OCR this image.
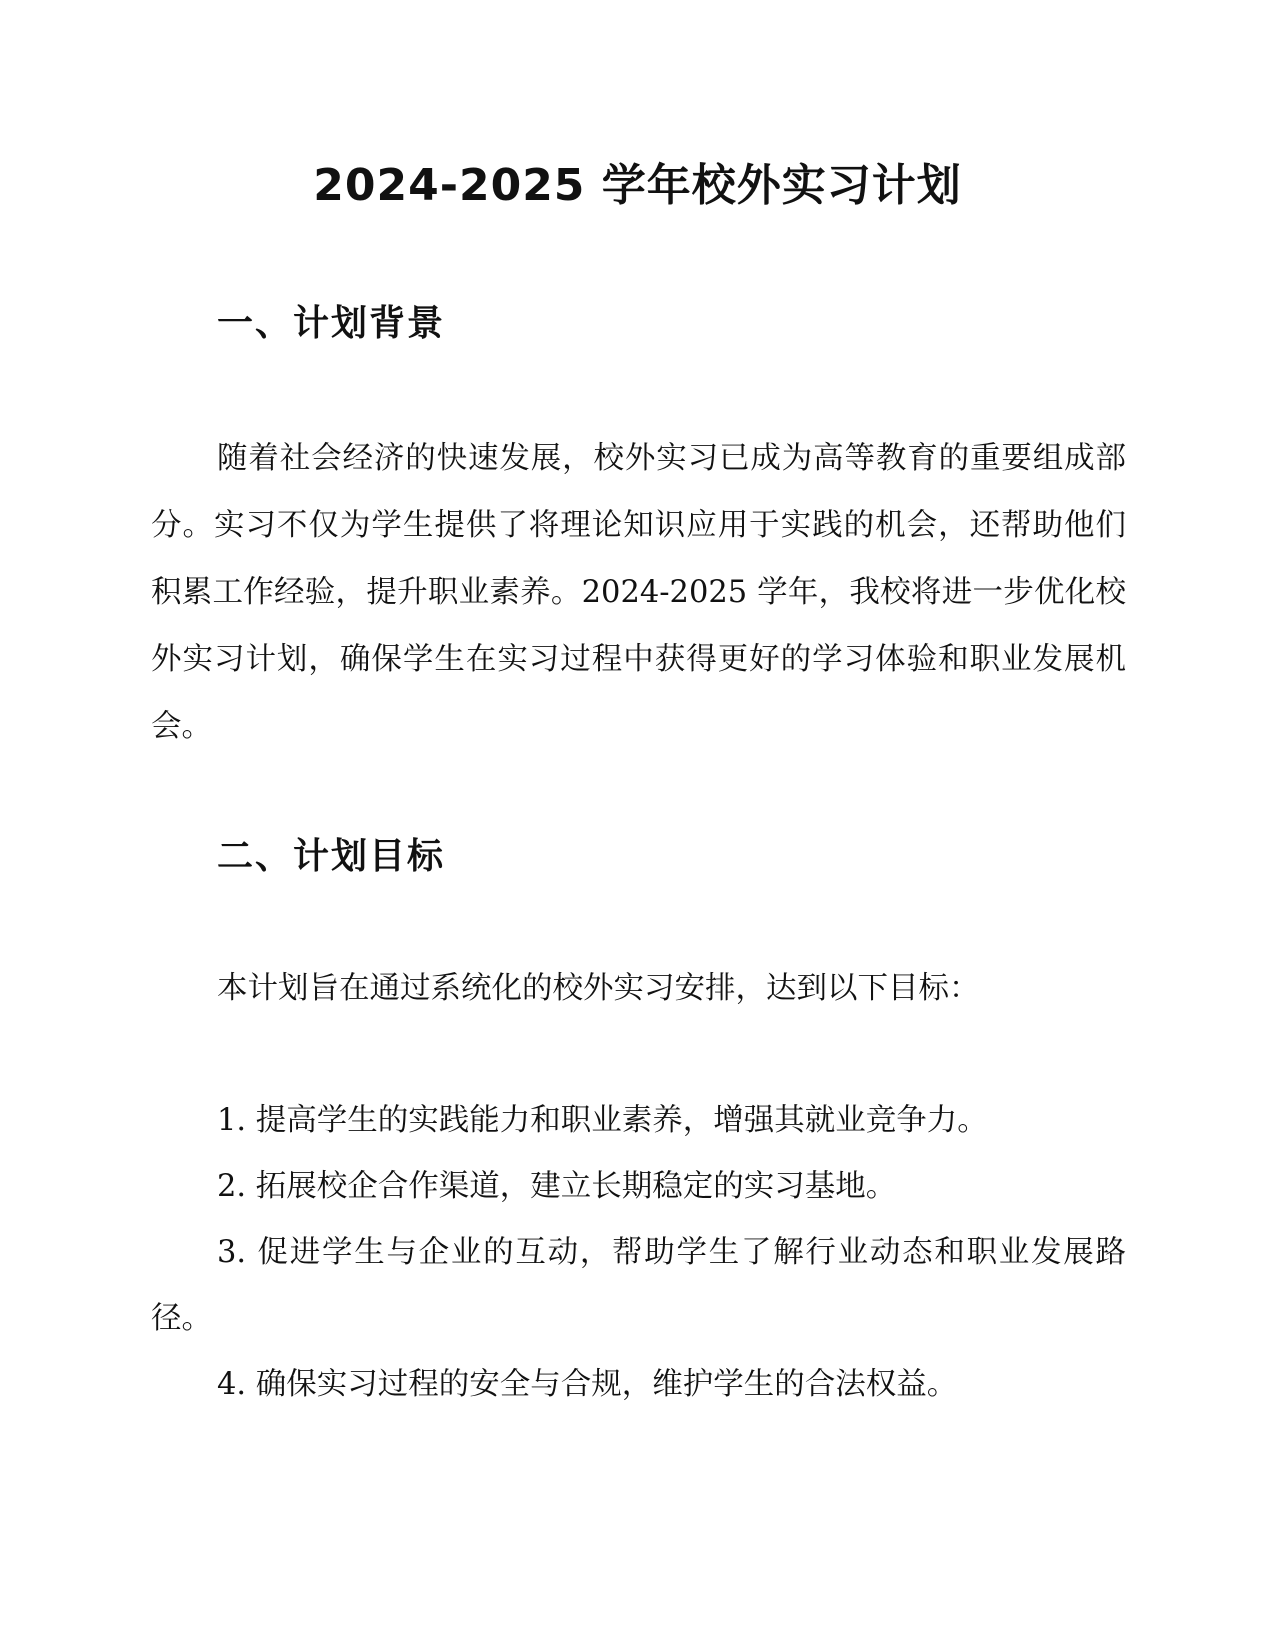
2024-2025 学年校外实习计划
一、计划背景

随着社会经济的快速发展，校外实习已成为高等教育的重要组成部分。实习不仅为学生提供了将理论知识应用于实践的机会，还帮助他们积累工作经验，提升职业素养。2024-2025 学年，我校将进一步优化校外实习计划，确保学生在实习过程中获得更好的学习体验和职业发展机会。

二、计划目标

本计划旨在通过系统化的校外实习安排，达到以下目标：

1. 提高学生的实践能力和职业素养，增强其就业竞争力。
2. 拓展校企合作渠道，建立长期稳定的实习基地。
3. 促进学生与企业的互动，帮助学生了解行业动态和职业发展路径。
4. 确保实习过程的安全与合规，维护学生的合法权益。
